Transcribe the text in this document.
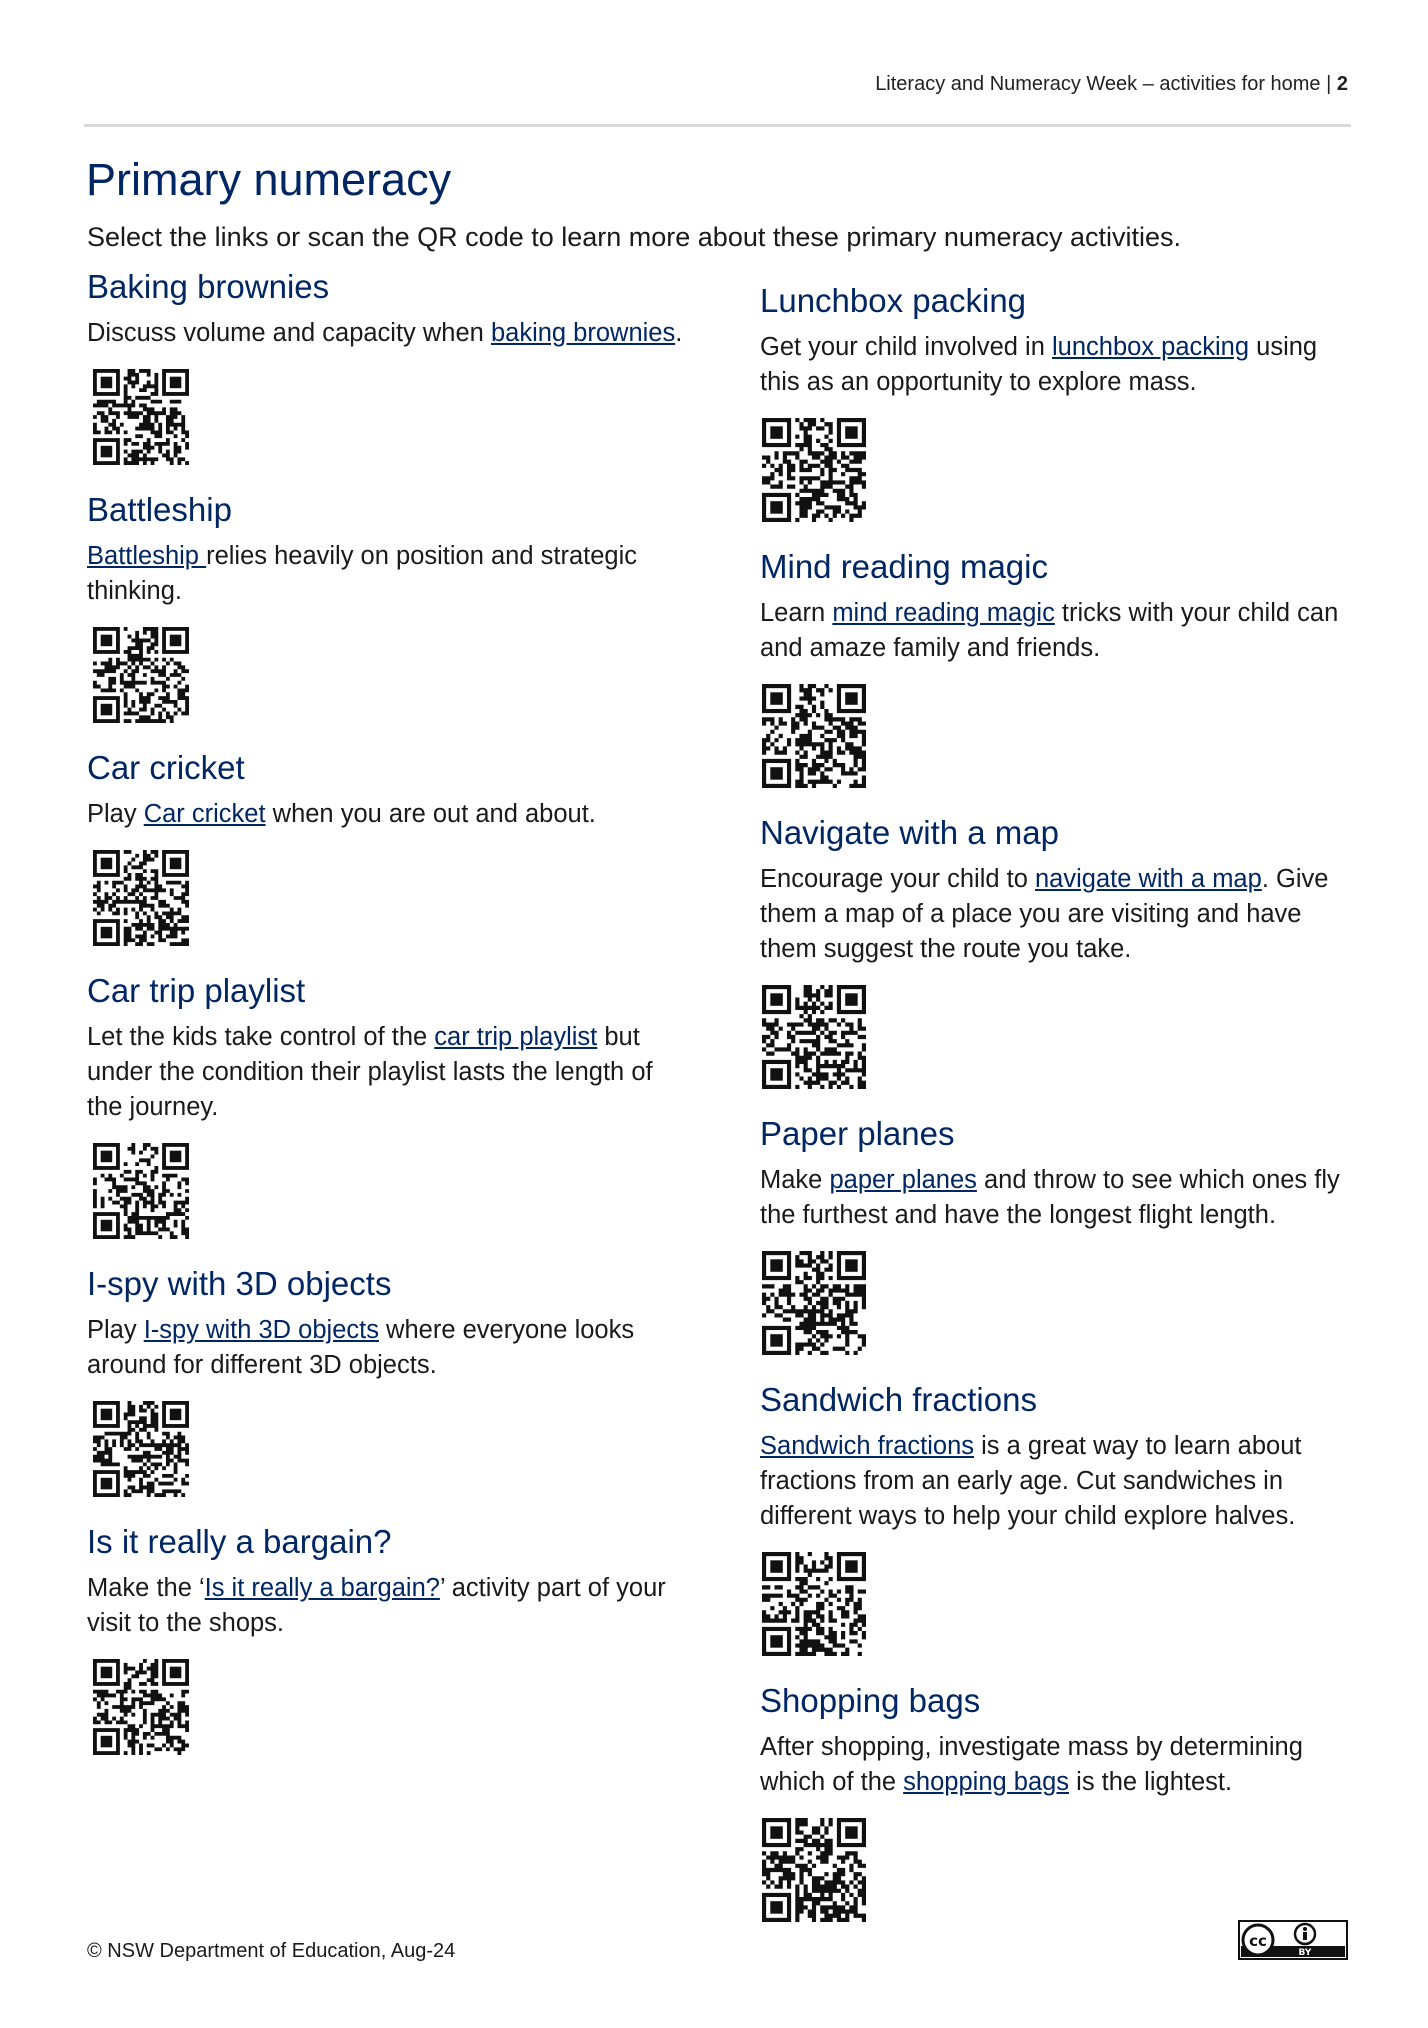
Literacy and Numeracy Week – activities for home | 2
Primary numeracy
Select the links or scan the QR code to learn more about these primary numeracy activities.
Baking brownies

Discuss volume and capacity when baking brownies.

Battleship

Battleship relies heavily on position and strategic thinking.

Car cricket

Play Car cricket when you are out and about.

Car trip playlist

Let the kids take control of the car trip playlist but under the condition their playlist lasts the length of the journey.

I-spy with 3D objects

Play I-spy with 3D objects where everyone looks around for different 3D objects.

Is it really a bargain?

Make the ‘Is it really a bargain?’ activity part of your visit to the shops.

Lunchbox packing

Get your child involved in lunchbox packing using this as an opportunity to explore mass.

Mind reading magic

Learn mind reading magic tricks with your child can and amaze family and friends.

Navigate with a map

Encourage your child to navigate with a map. Give them a map of a place you are visiting and have them suggest the route you take.

Paper planes

Make paper planes and throw to see which ones fly the furthest and have the longest flight length.

Sandwich fractions

Sandwich fractions is a great way to learn about fractions from an early age. Cut sandwiches in different ways to help your child explore halves.

Shopping bags

After shopping, investigate mass by determining which of the shopping bags is the lightest.

© NSW Department of Education, Aug-24	cc
BY
